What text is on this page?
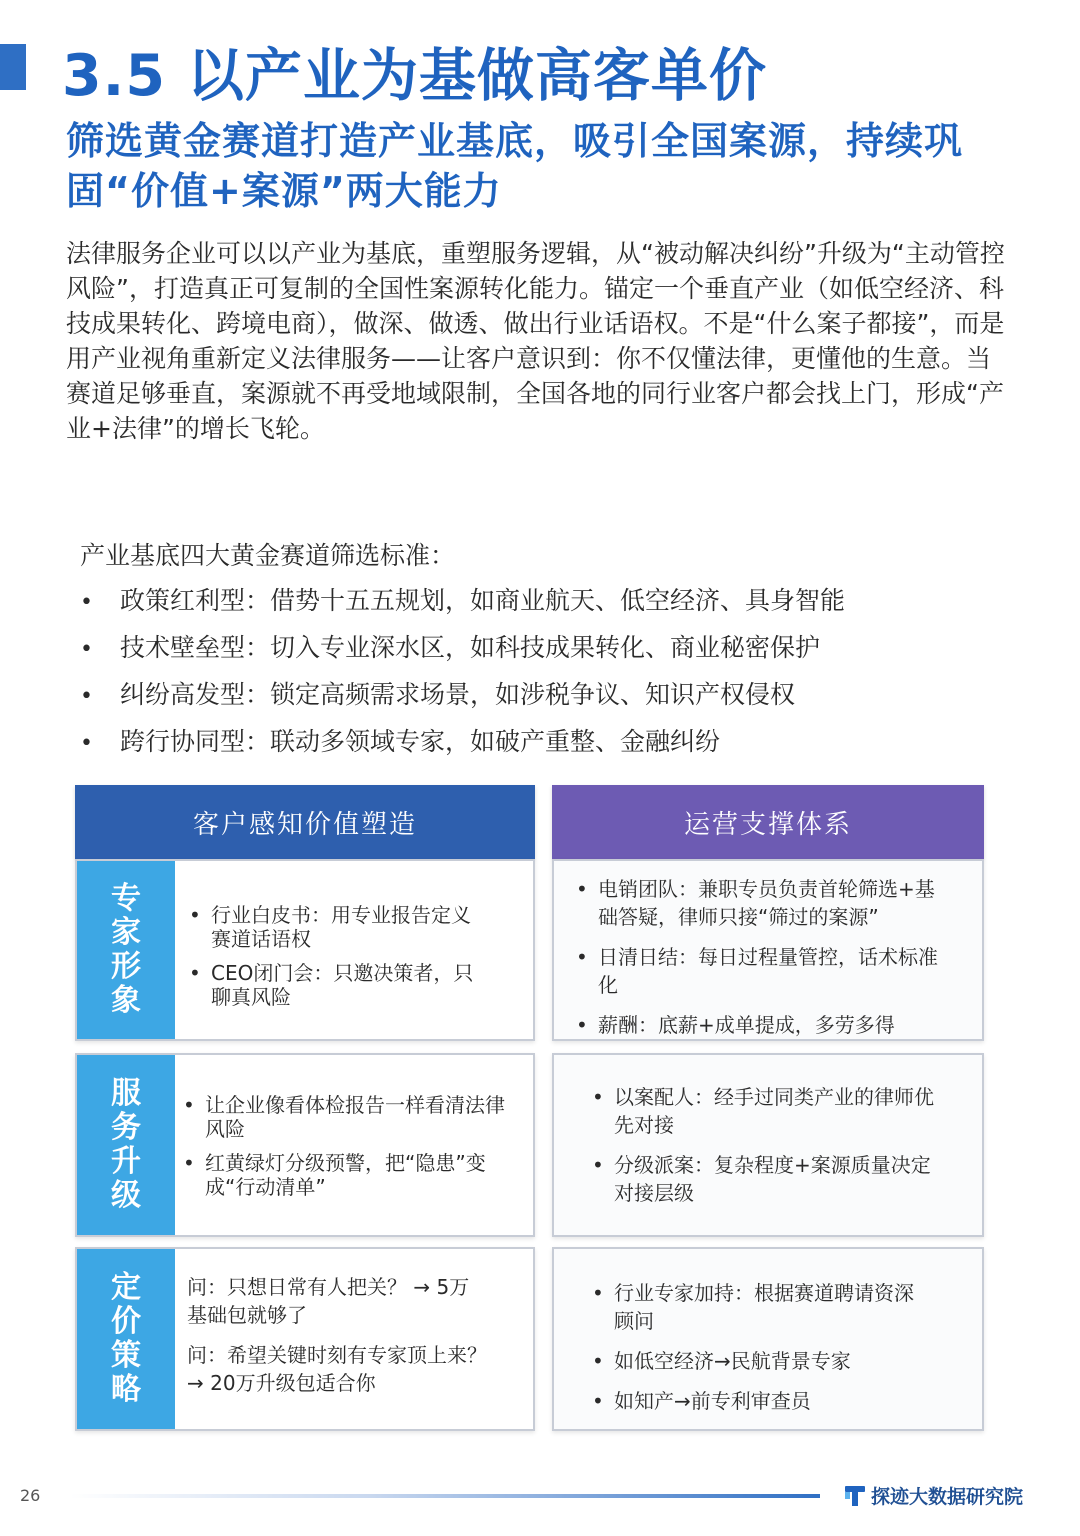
3.5 以产业为基做高客单价
筛选黄金赛道打造产业基底，吸引全国案源，持续巩固“价值+案源”两大能力

法律服务企业可以以产业为基底，重塑服务逻辑，从“被动解决纠纷”升级为“主动管控风险”，打造真正可复制的全国性案源转化能力。锚定一个垂直产业（如低空经济、科技成果转化、跨境电商），做深、做透、做出行业话语权。不是“什么案子都接”，而是用产业视角重新定义法律服务——让客户意识到：你不仅懂法律，更懂他的生意。当赛道足够垂直，案源就不再受地域限制，全国各地的同行业客户都会找上门，形成“产业+法律”的增长飞轮。

产业基底四大黄金赛道筛选标准：
• 政策红利型：借势十五五规划，如商业航天、低空经济、具身智能
• 技术壁垒型：切入专业深水区，如科技成果转化、商业秘密保护
• 纠纷高发型：锁定高频需求场景，如涉税争议、知识产权侵权
• 跨行协同型：联动多领域专家，如破产重整、金融纠纷
客户感知价值塑造	运营支撑体系
专家形象
• 行业白皮书：用专业报告定义赛道话语权
• CEO闭门会：只邀决策者，只聊真风险
• 电销团队：兼职专员负责首轮筛选+基础答疑，律师只接“筛过的案源”
• 日清日结：每日过程量管控，话术标准化
• 薪酬：底薪+成单提成，多劳多得
服务升级
• 让企业像看体检报告一样看清法律风险
• 红黄绿灯分级预警，把“隐患”变成“行动清单”
• 以案配人：经手过同类产业的律师优先对接
• 分级派案：复杂程度+案源质量决定对接层级
定价策略

问：只想日常有人把关？ → 5万基础包就够了

问：希望关键时刻有专家顶上来？ → 20万升级包适合你

• 行业专家加持：根据赛道聘请资深顾问
• 如低空经济→民航背景专家
• 如知产→前专利审查员
26	探迹大数据研究院
